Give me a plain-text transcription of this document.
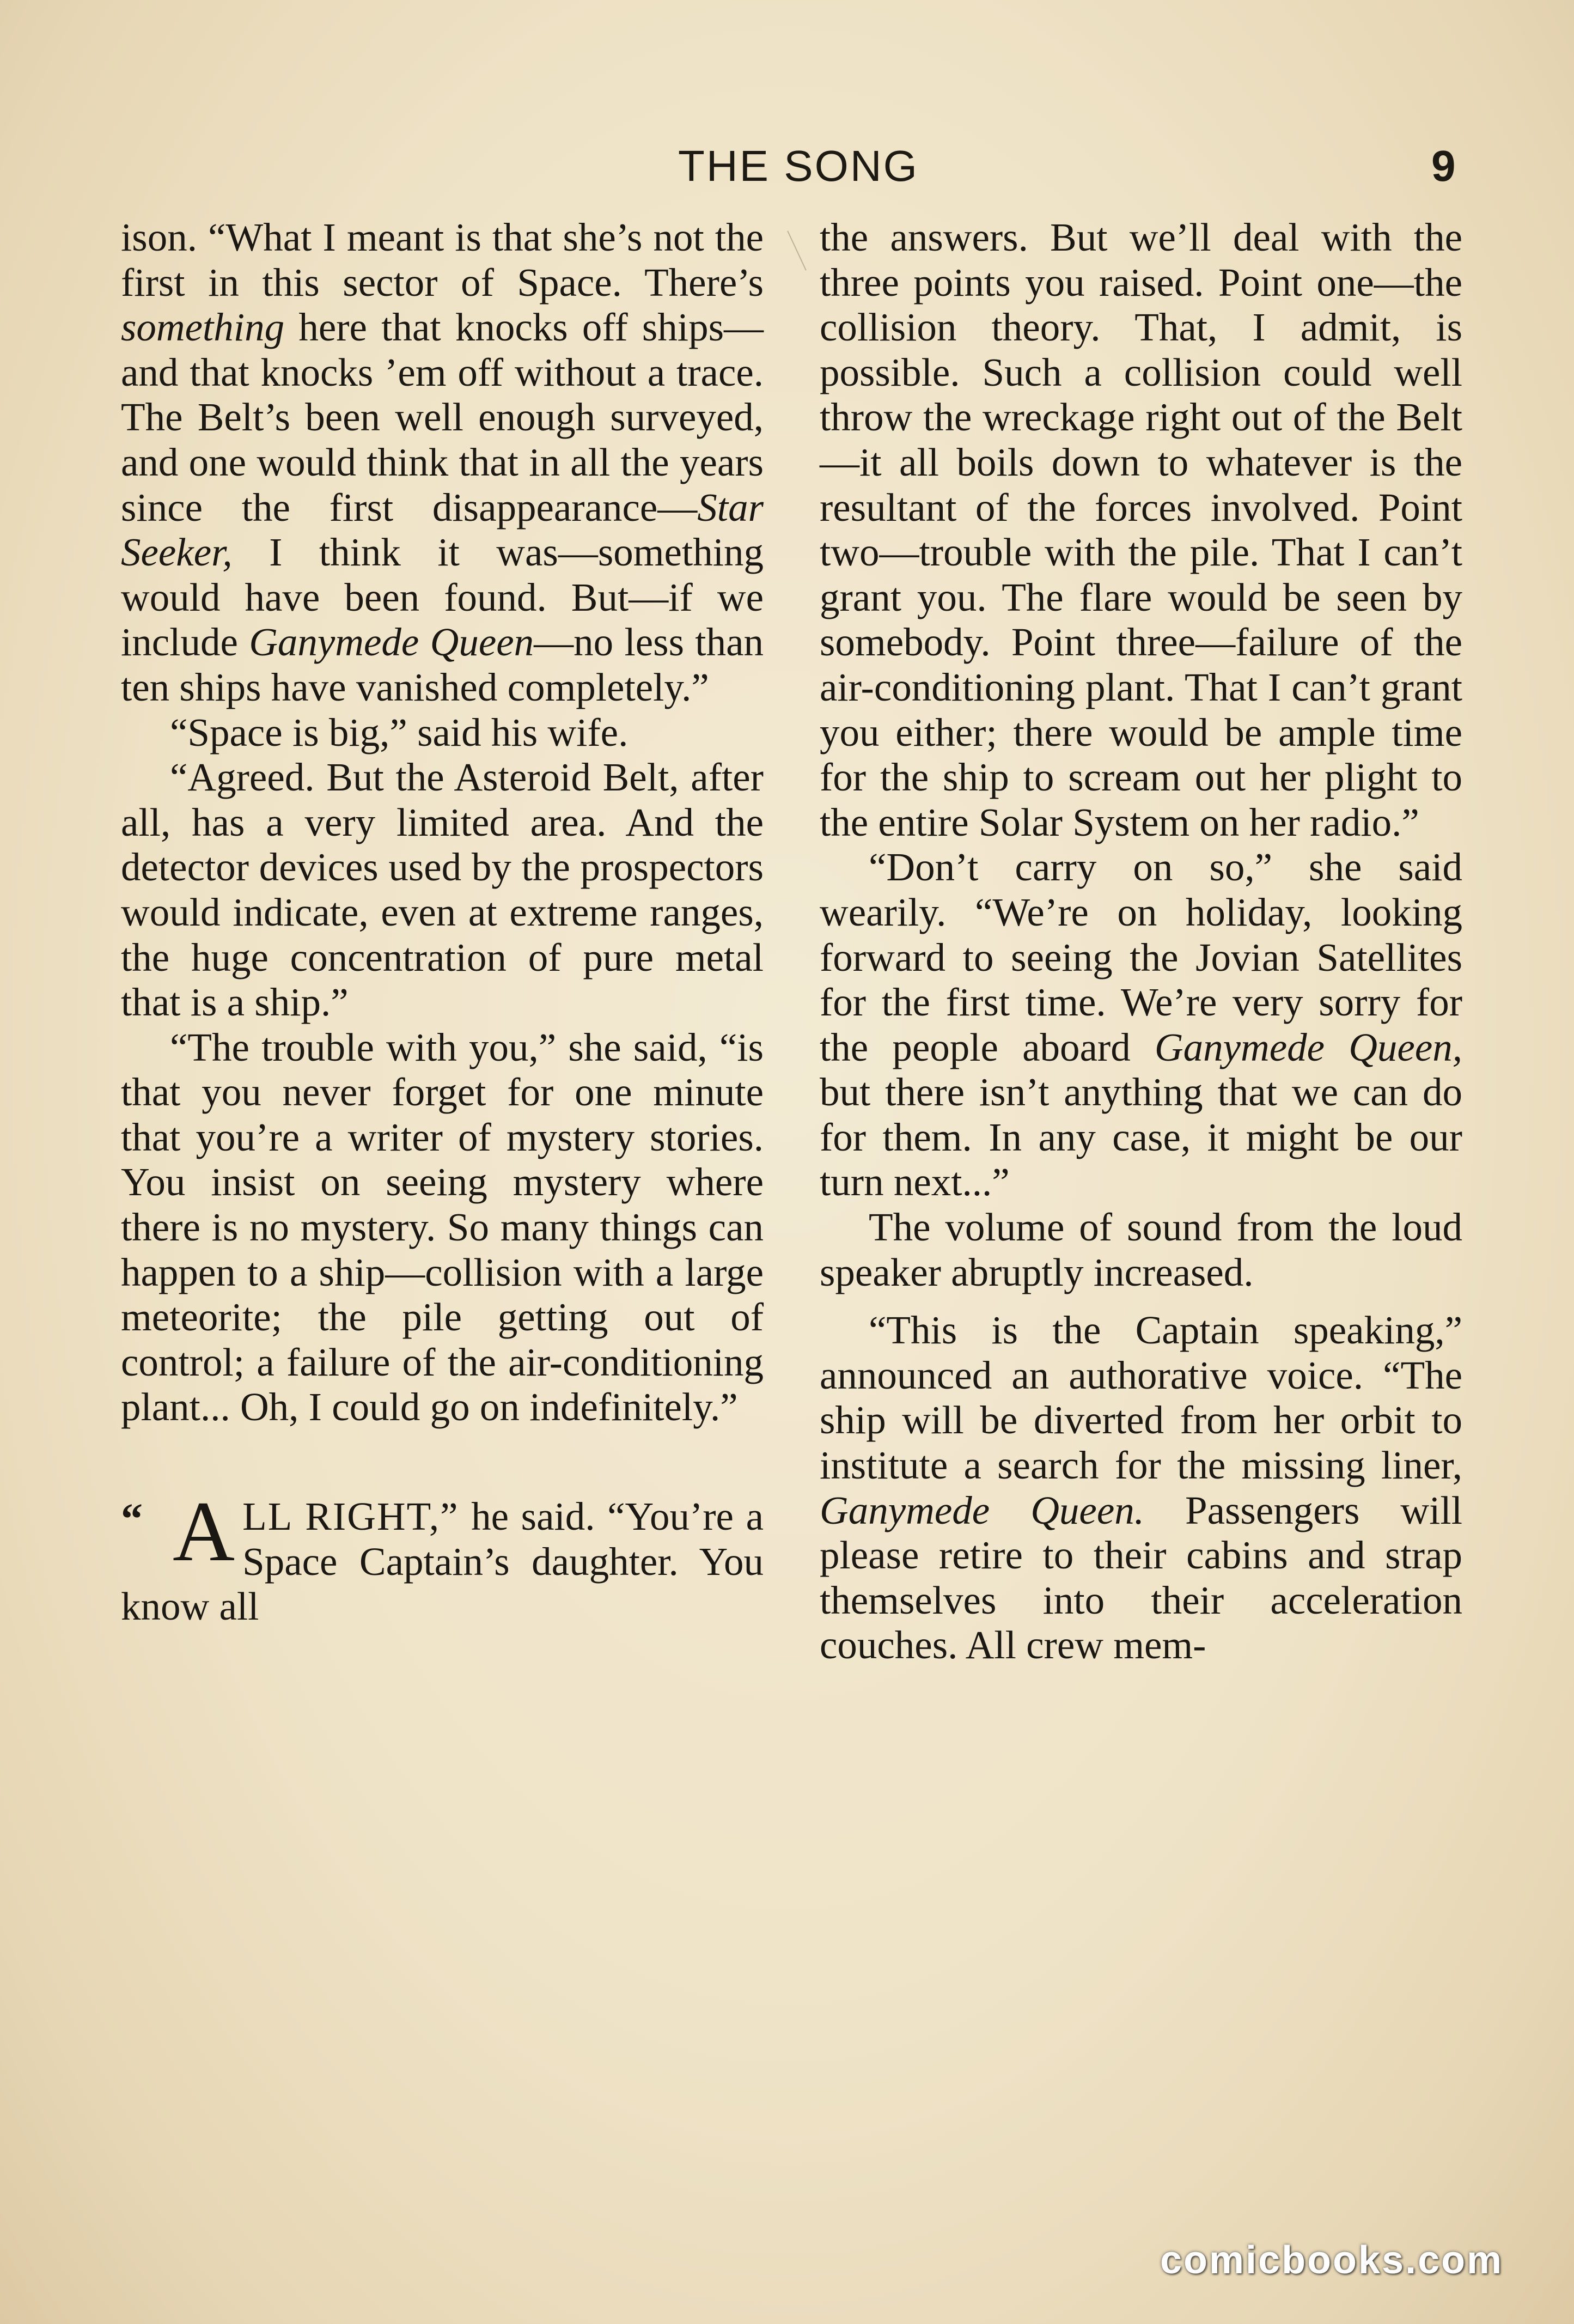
THE SONG	9

ison. “What I meant is that she’s not the first in this sector of Space. There’s something here that knocks off ships—and that knocks ’em off without a trace. The Belt’s been well enough surveyed, and one would think that in all the years since the first disappearance—Star Seeker, I think it was—something would have been found. But—if we include Ganymede Queen—no less than ten ships have vanished completely.”

“Space is big,” said his wife.

“Agreed. But the Asteroid Belt, after all, has a very limited area. And the detector devices used by the prospectors would indicate, even at extreme ranges, the huge concentration of pure metal that is a ship.”

“The trouble with you,” she said, “is that you never forget for one minute that you’re a writer of mystery stories. You insist on seeing mystery where there is no mystery. So many things can happen to a ship—collision with a large meteorite; the pile getting out of control; a failure of the air-conditioning plant... Oh, I could go on indefinitely.”

“ A LL RIGHT,” he said. “You’re a Space Captain’s daughter. You know all

the answers. But we’ll deal with the three points you raised. Point one—the collision theory. That, I admit, is possible. Such a collision could well throw the wreckage right out of the Belt—it all boils down to whatever is the resultant of the forces involved. Point two—trouble with the pile. That I can’t grant you. The flare would be seen by somebody. Point three—failure of the air-conditioning plant. That I can’t grant you either; there would be ample time for the ship to scream out her plight to the entire Solar System on her radio.”

“Don’t carry on so,” she said wearily. “We’re on holiday, looking forward to seeing the Jovian Satellites for the first time. We’re very sorry for the people aboard Ganymede Queen, but there isn’t anything that we can do for them. In any case, it might be our turn next...”

The volume of sound from the loud speaker abruptly increased.

“This is the Captain speaking,” announced an authorative voice. “The ship will be diverted from her orbit to institute a search for the missing liner, Ganymede Queen. Passengers will please retire to their cabins and strap themselves into their acceleration couches. All crew mem-

comicbooks.com
